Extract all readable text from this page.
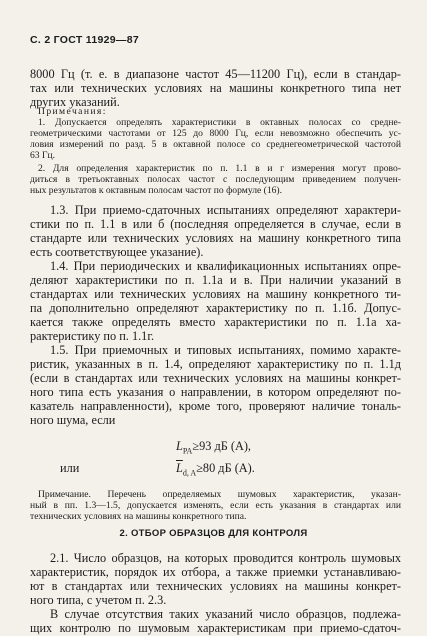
С. 2 ГОСТ 11929—87
8000 Гц (т. е. в диапазоне частот 45—11200 Гц), если в стандар-
тах или технических условиях на машины конкретного типа нет
других указаний.
Примечания:
1. Допускается определять характеристики в октавных полосах со среднe-
геометрическими частотами от 125 до 8000 Гц, если невозможно обеспечить ус-
ловия измерений по разд. 5 в октавной полосе со среднегеометрической частотой
63 Гц.
2. Для определения характеристик по п. 1.1 в и г измерения могут прово-
диться в третьоктавных полосах частот с последующим приведением получен-
ных результатов к октавным полосам частот по формуле (16).
1.3. При приемо-сдаточных испытаниях определяют характери-
стики по п. 1.1 в или б (последняя определяется в случае, если в
стандарте или технических условиях на машину конкретного типа
есть соответствующее указание).
1.4. При периодических и квалификационных испытаниях опре-
деляют характеристики по п. 1.1а и в. При наличии указаний в
стандартах или технических условиях на машину конкретного ти-
па дополнительно определяют характеристику по п. 1.1б. Допус-
кается также определять вместо характеристики по п. 1.1а ха-
рактеристику по п. 1.1г.
1.5. При приемочных и типовых испытаниях, помимо характе-
ристик, указанных в п. 1.4, определяют характеристику по п. 1.1д
(если в стандартах или технических условиях на машины конкрет-
ного типа есть указания о направлении, в котором определяют по-
казатель направленности), кроме того, проверяют наличие тональ-
ного шума, если
$L_{PA}\ge 93$ дБ (A),
или	$\overline{L}_{d, A}\ge 80$ дБ (A).
Примечание. Перечень определяемых шумовых характеристик, указан-
ный в пп. 1.3—1.5, допускается изменять, если есть указания в стандартах или
технических условиях на машины конкретного типа.
2. ОТБОР ОБРАЗЦОВ ДЛЯ КОНТРОЛЯ
2.1. Число образцов, на которых проводится контроль шумовых
характеристик, порядок их отбора, а также приемки устанавливаю-
ют в стандартах или технических условиях на машины конкрет-
ного типа, с учетом п. 2.3.
В случае отсутствия таких указаний число образцов, подлежа-
щих контролю по шумовым характеристикам при приемо-сдаточ-
